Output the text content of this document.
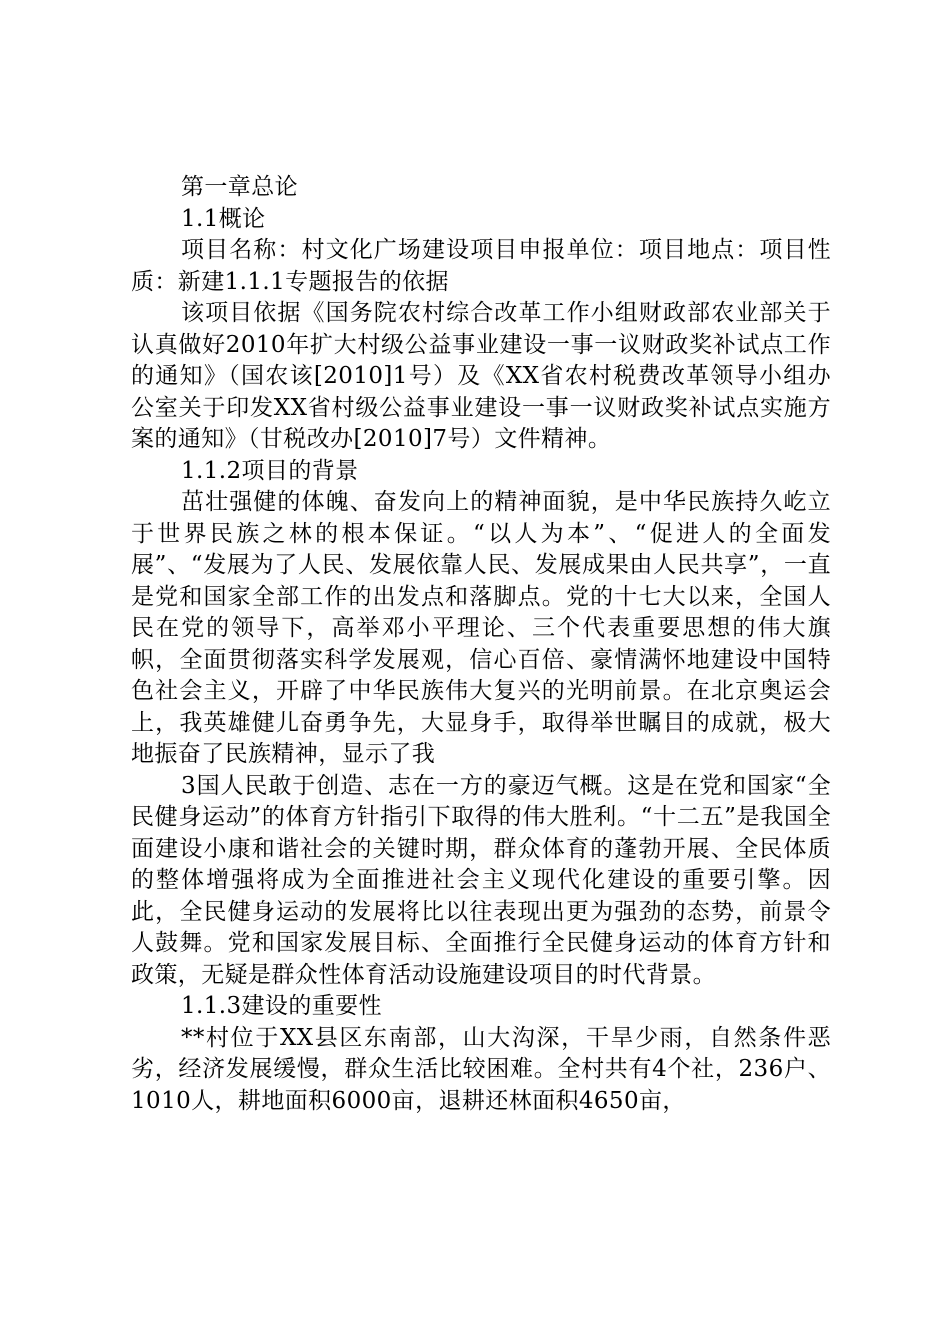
第一章总论

1.1概论

项目名称：村文化广场建设项目申报单位：项目地点：项目性质：新建1.1.1专题报告的依据

该项目依据《国务院农村综合改革工作小组财政部农业部关于认真做好2010年扩大村级公益事业建设一事一议财政奖补试点工作的通知》（国农该[2010]1号）及《XX省农村税费改革领导小组办公室关于印发XX省村级公益事业建设一事一议财政奖补试点实施方案的通知》（甘税改办[2010]7号）文件精神。

1.1.2项目的背景

茁壮强健的体魄、奋发向上的精神面貌，是中华民族持久屹立于世界民族之林的根本保证。“以人为本”、“促进人的全面发展”、“发展为了人民、发展依靠人民、发展成果由人民共享”，一直是党和国家全部工作的出发点和落脚点。党的十七大以来，全国人民在党的领导下，高举邓小平理论、三个代表重要思想的伟大旗帜，全面贯彻落实科学发展观，信心百倍、豪情满怀地建设中国特色社会主义，开辟了中华民族伟大复兴的光明前景。在北京奥运会上，我英雄健儿奋勇争先，大显身手，取得举世瞩目的成就，极大地振奋了民族精神，显示了我

3国人民敢于创造、志在一方的豪迈气概。这是在党和国家“全民健身运动”的体育方针指引下取得的伟大胜利。“十二五”是我国全面建设小康和谐社会的关键时期，群众体育的蓬勃开展、全民体质的整体增强将成为全面推进社会主义现代化建设的重要引擎。因此，全民健身运动的发展将比以往表现出更为强劲的态势，前景令人鼓舞。党和国家发展目标、全面推行全民健身运动的体育方针和政策，无疑是群众性体育活动设施建设项目的时代背景。

1.1.3建设的重要性

**村位于XX县区东南部，山大沟深，干旱少雨，自然条件恶劣，经济发展缓慢，群众生活比较困难。全村共有4个社，236户、1010人，耕地面积6000亩，退耕还林面积4650亩，
